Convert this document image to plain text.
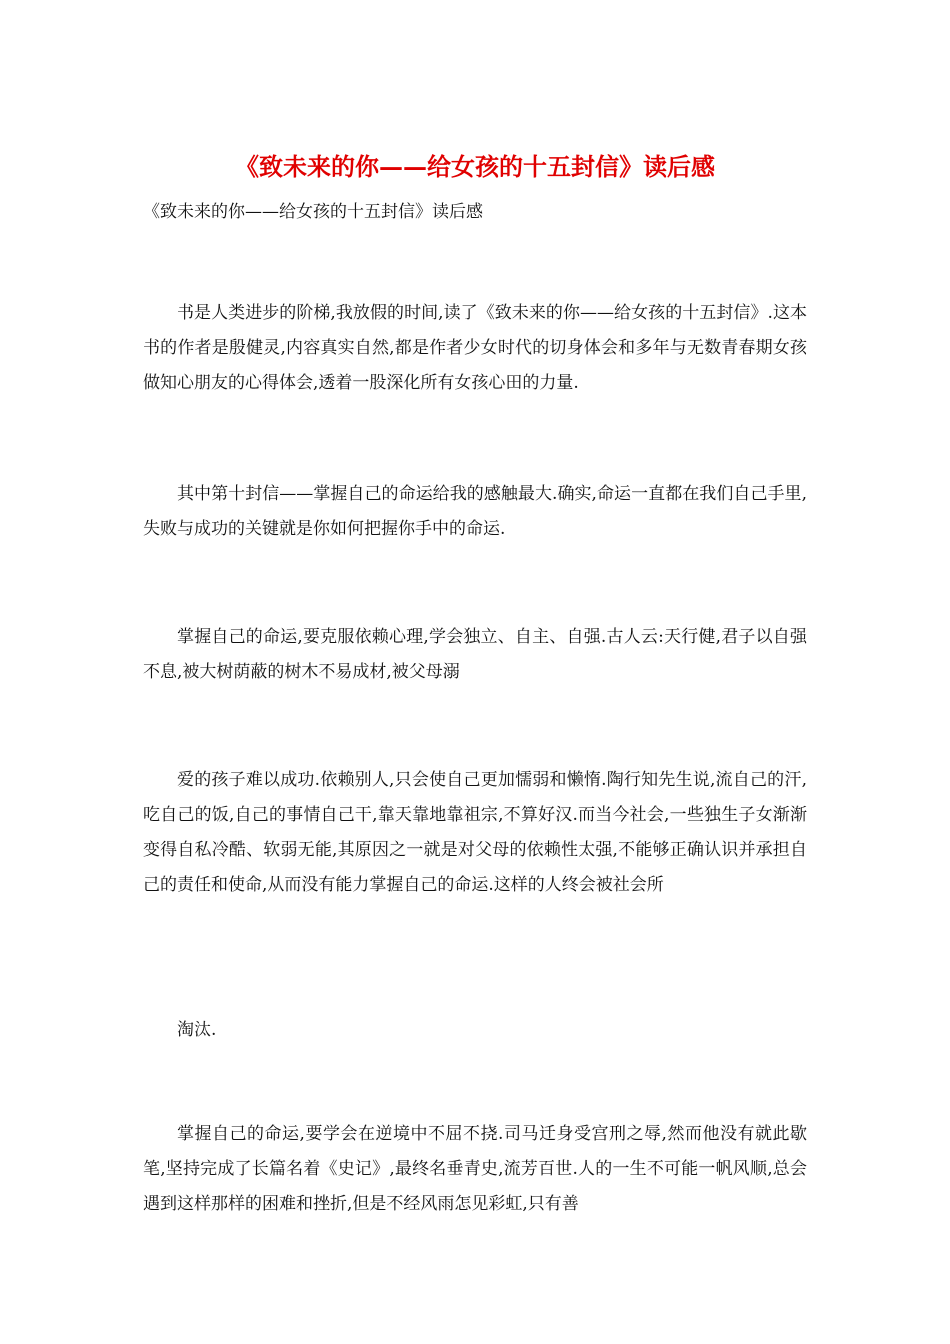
《致未来的你——给女孩的十五封信》读后感
《致未来的你——给女孩的十五封信》读后感

书是人类进步的阶梯,我放假的时间,读了《致未来的你——给女孩的十五封信》.这本书的作者是殷健灵,内容真实自然,都是作者少女时代的切身体会和多年与无数青春期女孩做知心朋友的心得体会,透着一股深化所有女孩心田的力量.

其中第十封信——掌握自己的命运给我的感触最大.确实,命运一直都在我们自己手里,失败与成功的关键就是你如何把握你手中的命运.

掌握自己的命运,要克服依赖心理,学会独立、自主、自强.古人云:天行健,君子以自强不息,被大树荫蔽的树木不易成材,被父母溺

爱的孩子难以成功.依赖别人,只会使自己更加懦弱和懒惰.陶行知先生说,流自己的汗,吃自己的饭,自己的事情自己干,靠天靠地靠祖宗,不算好汉.而当今社会,一些独生子女渐渐变得自私冷酷、软弱无能,其原因之一就是对父母的依赖性太强,不能够正确认识并承担自己的责任和使命,从而没有能力掌握自己的命运.这样的人终会被社会所

淘汰.

掌握自己的命运,要学会在逆境中不屈不挠.司马迁身受宫刑之辱,然而他没有就此歇笔,坚持完成了长篇名着《史记》,最终名垂青史,流芳百世.人的一生不可能一帆风顺,总会遇到这样那样的困难和挫折,但是不经风雨怎见彩虹,只有善
